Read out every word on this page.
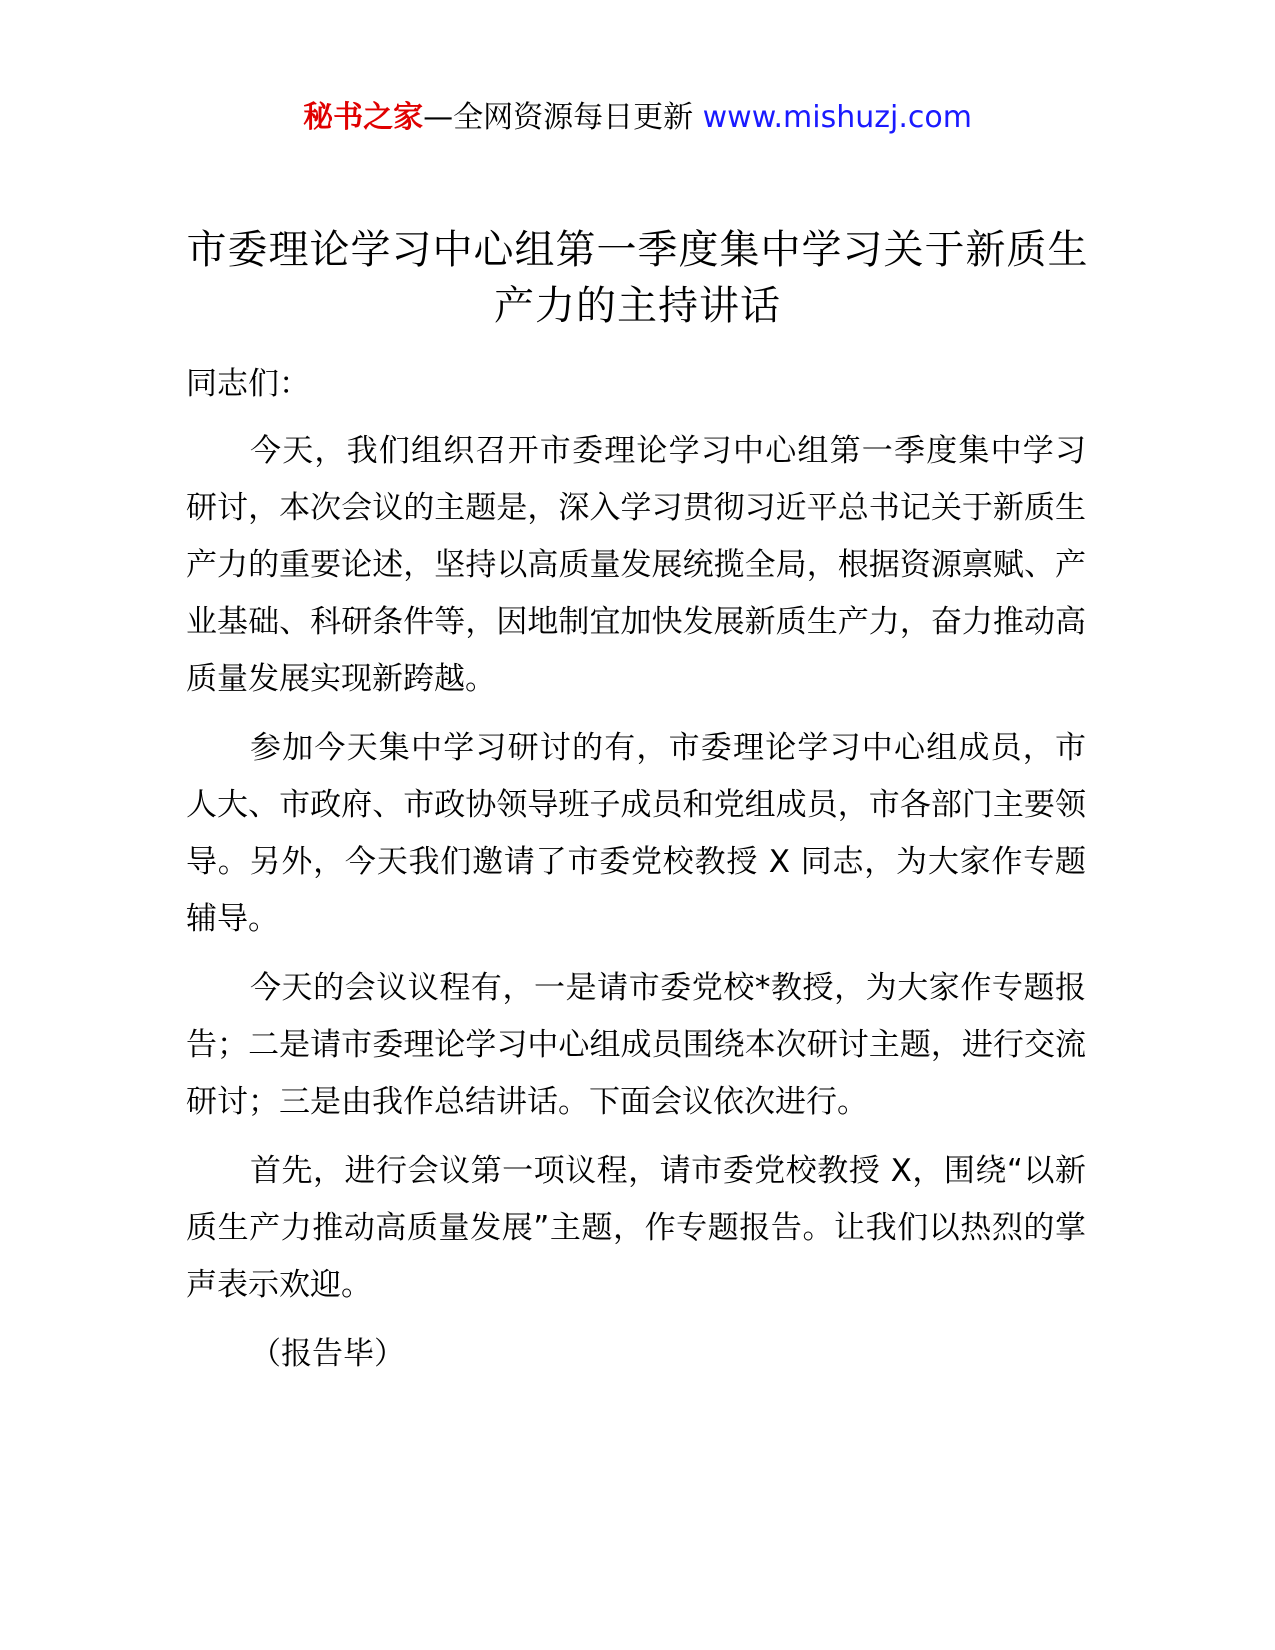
秘书之家—全网资源每日更新 www.mishuzj.com
市委理论学习中心组第一季度集中学习关于新质生产力的主持讲话

同志们：

今天，我们组织召开市委理论学习中心组第一季度集中学习研讨，本次会议的主题是，深入学习贯彻习近平总书记关于新质生产力的重要论述，坚持以高质量发展统揽全局，根据资源禀赋、产业基础、科研条件等，因地制宜加快发展新质生产力，奋力推动高质量发展实现新跨越。

参加今天集中学习研讨的有，市委理论学习中心组成员，市人大、市政府、市政协领导班子成员和党组成员，市各部门主要领导。另外，今天我们邀请了市委党校教授 X 同志，为大家作专题辅导。

今天的会议议程有，一是请市委党校*教授，为大家作专题报告；二是请市委理论学习中心组成员围绕本次研讨主题，进行交流研讨；三是由我作总结讲话。下面会议依次进行。

首先，进行会议第一项议程，请市委党校教授 X，围绕“以新质生产力推动高质量发展”主题，作专题报告。让我们以热烈的掌声表示欢迎。

（报告毕）
